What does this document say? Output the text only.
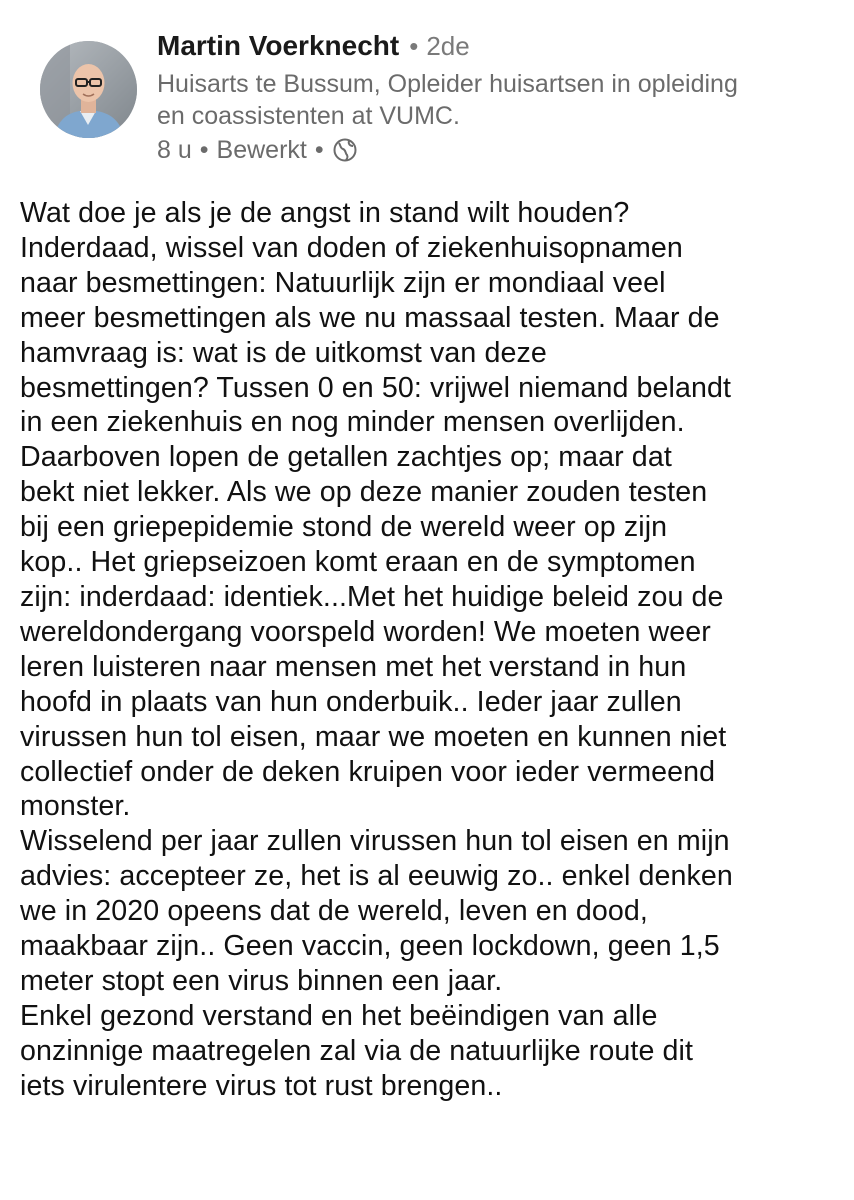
Martin Voerknecht • 2de
Huisarts te Bussum, Opleider huisartsen in opleiding en coassistenten at VUMC.
8 u • Bewerkt •
Wat doe je als je de angst in stand wilt houden?
Inderdaad, wissel van doden of ziekenhuisopnamen
naar besmettingen: Natuurlijk zijn er mondiaal veel
meer besmettingen als we nu massaal testen. Maar de
hamvraag is: wat is de uitkomst van deze
besmettingen? Tussen 0 en 50: vrijwel niemand belandt
in een ziekenhuis en nog minder mensen overlijden.
Daarboven lopen de getallen zachtjes op; maar dat
bekt niet lekker. Als we op deze manier zouden testen
bij een griepepidemie stond de wereld weer op zijn
kop.. Het griepseizoen komt eraan en de symptomen
zijn: inderdaad: identiek...Met het huidige beleid zou de
wereldondergang voorspeld worden! We moeten weer
leren luisteren naar mensen met het verstand in hun
hoofd in plaats van hun onderbuik.. Ieder jaar zullen
virussen hun tol eisen, maar we moeten en kunnen niet
collectief onder de deken kruipen voor ieder vermeend
monster.
Wisselend per jaar zullen virussen hun tol eisen en mijn
advies: accepteer ze, het is al eeuwig zo.. enkel denken
we in 2020 opeens dat de wereld, leven en dood,
maakbaar zijn.. Geen vaccin, geen lockdown, geen 1,5
meter stopt een virus binnen een jaar.
Enkel gezond verstand en het beëindigen van alle
onzinnige maatregelen zal via de natuurlijke route dit
iets virulentere virus tot rust brengen..
